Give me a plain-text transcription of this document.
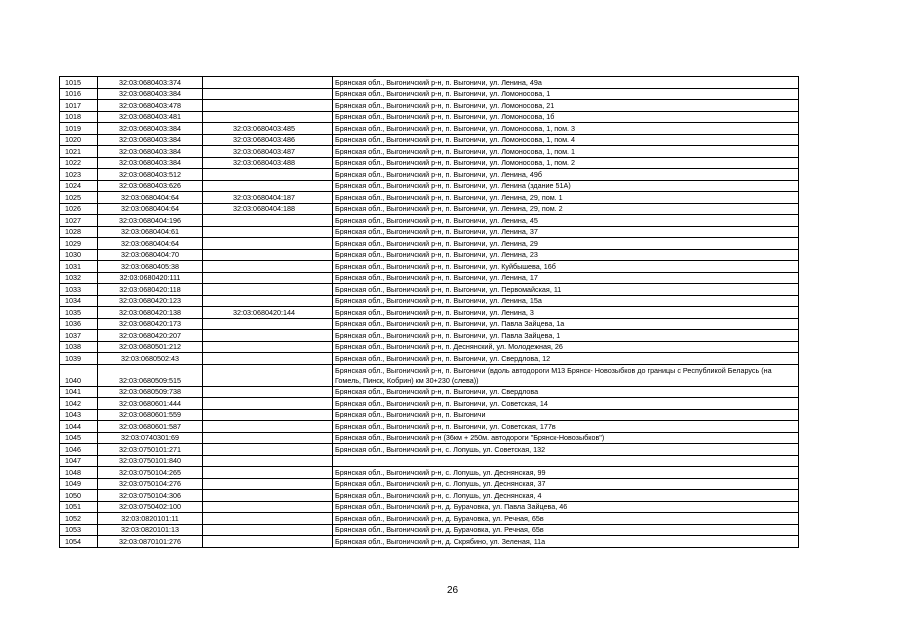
1015	32:03:0680403:374		Брянская обл., Выгоничский р-н, п. Выгоничи, ул. Ленина, 49а
1016	32:03:0680403:384		Брянская обл., Выгоничский р-н, п. Выгоничи, ул. Ломоносова, 1
1017	32:03:0680403:478		Брянская обл., Выгоничский р-н, п. Выгоничи, ул. Ломоносова, 21
1018	32:03:0680403:481		Брянская обл., Выгоничский р-н, п. Выгоничи, ул. Ломоносова, 1б
1019	32:03:0680403:384	32:03:0680403:485	Брянская обл., Выгоничский р-н, п. Выгоничи, ул. Ломоносова, 1, пом. 3
1020	32:03:0680403:384	32:03:0680403:486	Брянская обл., Выгоничский р-н, п. Выгоничи, ул. Ломоносова, 1, пом. 4
1021	32:03:0680403:384	32:03:0680403:487	Брянская обл., Выгоничский р-н, п. Выгоничи, ул. Ломоносова, 1, пом. 1
1022	32:03:0680403:384	32:03:0680403:488	Брянская обл., Выгоничский р-н, п. Выгоничи, ул. Ломоносова, 1, пом. 2
1023	32:03:0680403:512		Брянская обл., Выгоничский р-н, п. Выгоничи, ул. Ленина, 49б
1024	32:03:0680403:626		Брянская обл., Выгоничский р-н, п. Выгоничи, ул. Ленина (здание 51А)
1025	32:03:0680404:64	32:03:0680404:187	Брянская обл., Выгоничский р-н, п. Выгоничи, ул. Ленина, 29, пом. 1
1026	32:03:0680404:64	32:03:0680404:188	Брянская обл., Выгоничский р-н, п. Выгоничи, ул. Ленина, 29, пом. 2
1027	32:03:0680404:196		Брянская обл., Выгоничский р-н, п. Выгоничи, ул. Ленина, 45
1028	32:03:0680404:61		Брянская обл., Выгоничский р-н, п. Выгоничи, ул. Ленина, 37
1029	32:03:0680404:64		Брянская обл., Выгоничский р-н, п. Выгоничи, ул. Ленина, 29
1030	32:03:0680404:70		Брянская обл., Выгоничский р-н, п. Выгоничи, ул. Ленина, 23
1031	32:03:0680405:38		Брянская обл., Выгоничский р-н, п. Выгоничи, ул. Куйбышева, 16б
1032	32:03:0680420:111		Брянская обл., Выгоничский р-н, п. Выгоничи, ул. Ленина, 17
1033	32:03:0680420:118		Брянская обл., Выгоничский р-н, п. Выгоничи, ул. Первомайская, 11
1034	32:03:0680420:123		Брянская обл., Выгоничский р-н, п. Выгоничи, ул. Ленина, 15а
1035	32:03:0680420:138	32:03:0680420:144	Брянская обл., Выгоничский р-н, п. Выгоничи, ул. Ленина, 3
1036	32:03:0680420:173		Брянская обл., Выгоничский р-н, п. Выгоничи, ул. Павла Зайцева, 1а
1037	32:03:0680420:207		Брянская обл., Выгоничский р-н, п. Выгоничи, ул. Павла Зайцева, 1
1038	32:03:0680501:212		Брянская обл., Выгоничский р-н, п. Деснянский, ул. Молодежная, 26
1039	32:03:0680502:43		Брянская обл., Выгоничский р-н, п. Выгоничи, ул. Свердлова, 12
1040	32:03:0680509:515		Брянская обл., Выгоничский р-н, п. Выгоничи (вдоль автодороги М13 Брянск- Новозыбков до границы с Республикой Беларусь (на Гомель, Пинск, Кобрин) км 30+230 (слева))
1041	32:03:0680509:738		Брянская обл., Выгоничский р-н, п. Выгоничи, ул. Свердлова
1042	32:03:0680601:444		Брянская обл., Выгоничский р-н, п. Выгоничи, ул. Советская, 14
1043	32:03:0680601:559		Брянская обл., Выгоничский р-н, п. Выгоничи
1044	32:03:0680601:587		Брянская обл., Выгоничский р-н, п. Выгоничи, ул. Советская, 177в
1045	32:03:0740301:69		Брянская обл., Выгоничский р-н (36км + 250м. автодороги "Брянск-Новозыбков")
1046	32:03:0750101:271		Брянская обл., Выгоничский р-н, с. Лопушь, ул. Советская, 132
1047	32:03:0750101:840		
1048	32:03:0750104:265		Брянская обл., Выгоничский р-н, с. Лопушь, ул. Деснянская, 99
1049	32:03:0750104:276		Брянская обл., Выгоничский р-н, с. Лопушь, ул. Деснянская, 37
1050	32:03:0750104:306		Брянская обл., Выгоничский р-н, с. Лопушь, ул. Деснянская, 4
1051	32:03:0750402:100		Брянская обл., Выгоничский р-н, д. Бурачовка, ул. Павла Зайцева, 46
1052	32:03:0820101:11		Брянская обл., Выгоничский р-н, д. Бурачовка, ул. Речная, 65в
1053	32:03:0820101:13		Брянская обл., Выгоничский р-н, д. Бурачовка, ул. Речная, 65в
1054	32:03:0870101:276		Брянская обл., Выгоничский р-н, д. Скрябино, ул. Зеленая, 11а
26
